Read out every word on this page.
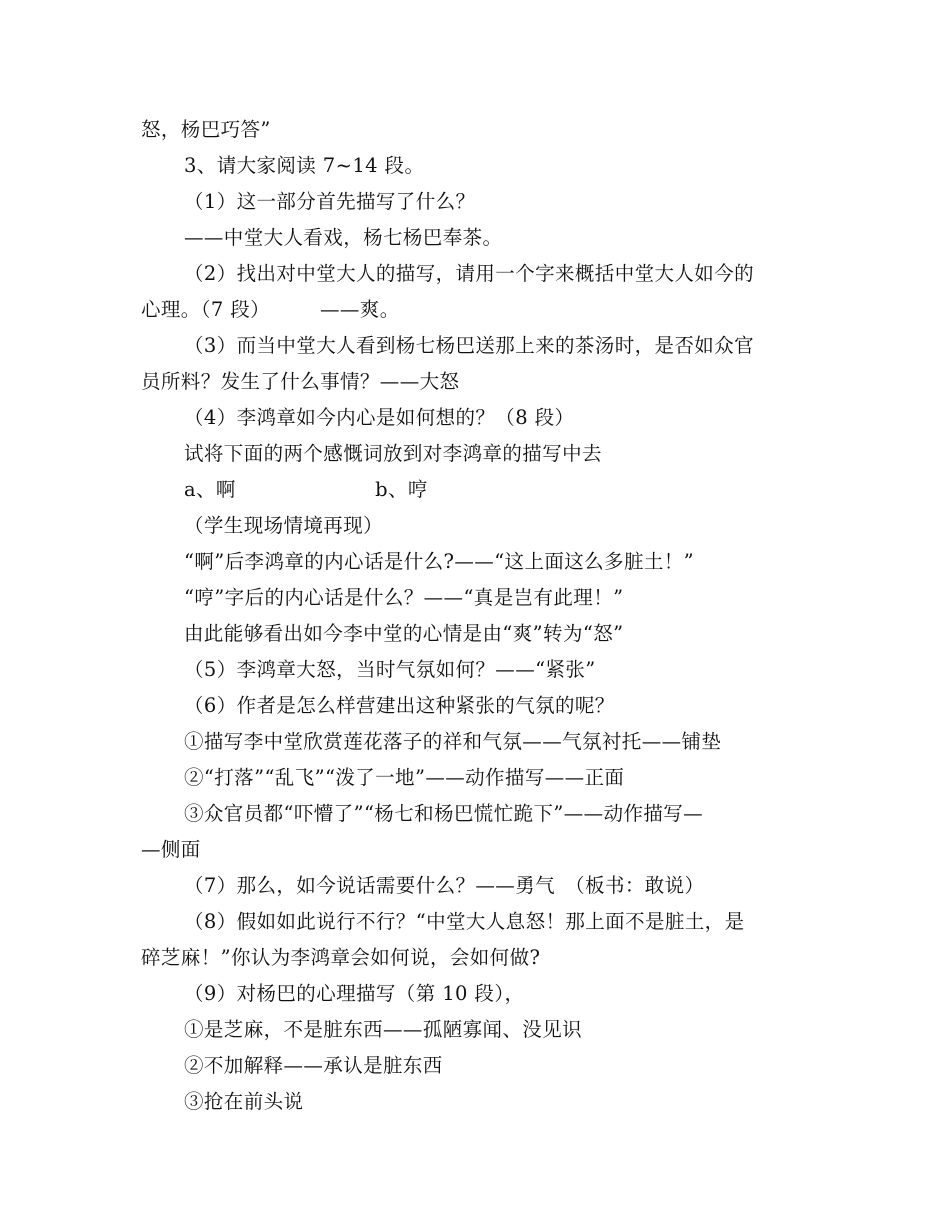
怒，杨巴巧答”
3、请大家阅读 7~14 段。
（1）这一部分首先描写了什么？
——中堂大人看戏，杨七杨巴奉茶。
（2）找出对中堂大人的描写，请用一个字来概括中堂大人如今的
心理。（7 段）　　　——爽。
（3）而当中堂大人看到杨七杨巴送那上来的茶汤时，是否如众官
员所料？发生了什么事情？——大怒
（4）李鸿章如今内心是如何想的？（8 段）
试将下面的两个感慨词放到对李鸿章的描写中去
a、啊　　　　　　　b、哼
（学生现场情境再现）
“啊”后李鸿章的内心话是什么?——“这上面这么多脏土！”
“哼”字后的内心话是什么？——“真是岂有此理！”
由此能够看出如今李中堂的心情是由“爽”转为“怒”
（5）李鸿章大怒，当时气氛如何？——“紧张”
（6）作者是怎么样营建出这种紧张的气氛的呢？
①描写李中堂欣赏莲花落子的祥和气氛——气氛衬托——铺垫
②“打落”“乱飞”“泼了一地”——动作描写——正面
③众官员都“吓懵了”“杨七和杨巴慌忙跪下”——动作描写—
—侧面
（7）那么，如今说话需要什么？——勇气　（板书：敢说）
（8）假如如此说行不行？“中堂大人息怒！那上面不是脏土，是
碎芝麻！”你认为李鸿章会如何说，会如何做?
（9）对杨巴的心理描写（第 10 段），
①是芝麻，不是脏东西——孤陋寡闻、没见识
②不加解释——承认是脏东西
③抢在前头说
